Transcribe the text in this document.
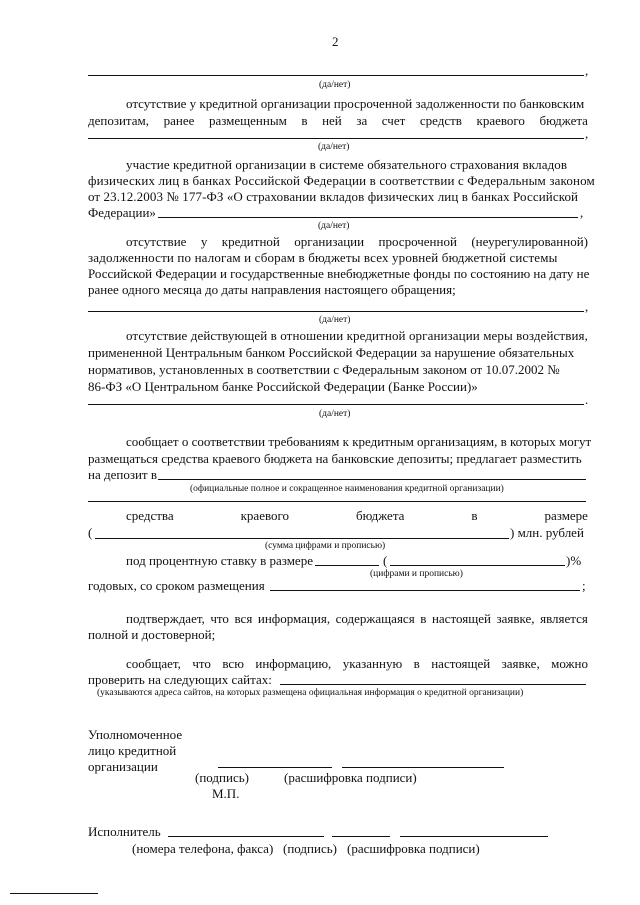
2
,
(да/нет)
отсутствие у кредитной организации просроченной задолженности по банковским
депозитам, ранее размещенным в ней за счет средств краевого бюджета
,
(да/нет)
участие кредитной организации в системе обязательного страхования вкладов
физических лиц в банках Российской Федерации в соответствии с Федеральным законом
от 23.12.2003 № 177-ФЗ «О страховании вкладов физических лиц в банках Российской
Федерации»	,
(да/нет)
отсутствие у кредитной организации просроченной (неурегулированной)
задолженности по налогам и сборам в бюджеты всех уровней бюджетной системы
Российской Федерации и государственные внебюджетные фонды по состоянию на дату не
ранее одного месяца до даты направления настоящего обращения;
,
(да/нет)
отсутствие действующей в отношении кредитной организации меры воздействия,
примененной Центральным банком Российской Федерации за нарушение обязательных
нормативов, установленных в соответствии с Федеральным законом от 10.07.2002 №
86-ФЗ «О Центральном банке Российской Федерации (Банке России)»
.
(да/нет)
сообщает о соответствии требованиям к кредитным организациям, в которых могут
размещаться средства краевого бюджета на банковские депозиты; предлагает разместить
на депозит в
(официальные полное и сокращенное наименования кредитной организации)
средства	краевого	бюджета	в	размере
(	) млн. рублей
(сумма цифрами и прописью)
под процентную ставку в размере	(	)%
(цифрами и прописью)
годовых, со сроком размещения	;
подтверждает, что вся информация, содержащаяся в настоящей заявке, является
полной и достоверной;
сообщает, что всю информацию, указанную в настоящей заявке, можно
проверить на следующих сайтах:
(указываются адреса сайтов, на которых размещена официальная информация о кредитной организации)
Уполномоченное
лицо кредитной
организации
(подпись)	(расшифровка подписи)
М.П.
Исполнитель
(номера телефона, факса) (подпись) (расшифровка подписи)
